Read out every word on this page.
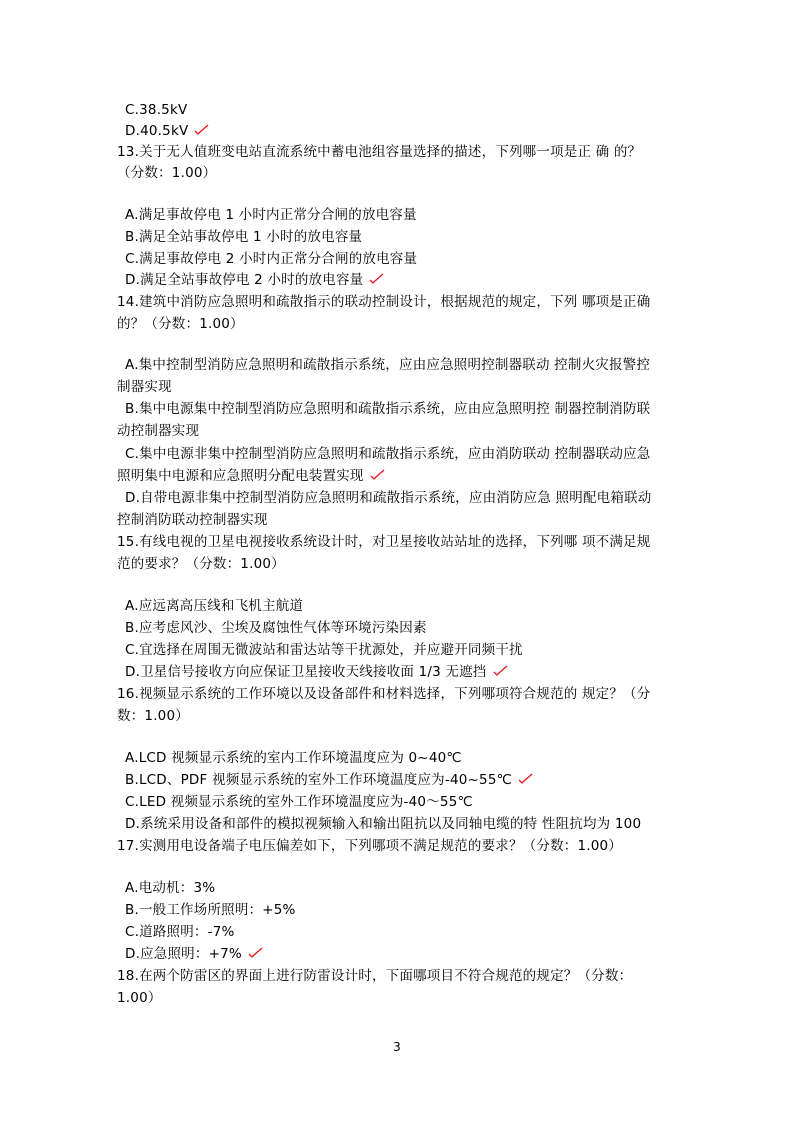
C.38.5kV
D.40.5kV
13.关于无人值班变电站直流系统中蓄电池组容量选择的描述，下列哪一项是正 确 的？
（分数：1.00）
A.满足事故停电 1 小时内正常分合闸的放电容量
B.满足全站事故停电 1 小时的放电容量
C.满足事故停电 2 小时内正常分合闸的放电容量
D.满足全站事故停电 2 小时的放电容量
14.建筑中消防应急照明和疏散指示的联动控制设计，根据规范的规定，下列 哪项是正确
的？（分数：1.00）
A.集中控制型消防应急照明和疏散指示系统，应由应急照明控制器联动 控制火灾报警控
制器实现
B.集中电源集中控制型消防应急照明和疏散指示系统，应由应急照明控 制器控制消防联
动控制器实现
C.集中电源非集中控制型消防应急照明和疏散指示系统，应由消防联动 控制器联动应急
照明集中电源和应急照明分配电装置实现
D.自带电源非集中控制型消防应急照明和疏散指示系统，应由消防应急 照明配电箱联动
控制消防联动控制器实现
15.有线电视的卫星电视接收系统设计时，对卫星接收站站址的选择，下列哪 项不满足规
范的要求？（分数：1.00）
A.应远离高压线和飞机主航道
B.应考虑风沙、尘埃及腐蚀性气体等环境污染因素
C.宜选择在周围无微波站和雷达站等干扰源处，并应避开同频干扰
D.卫星信号接收方向应保证卫星接收天线接收面 1/3 无遮挡
16.视频显示系统的工作环境以及设备部件和材料选择，下列哪项符合规范的 规定？（分
数：1.00）
A.LCD 视频显示系统的室内工作环境温度应为 0~40℃
B.LCD、PDF 视频显示系统的室外工作环境温度应为-40~55℃
C.LED 视频显示系统的室外工作环境温度应为-40～55℃
D.系统采用设备和部件的模拟视频输入和输出阻抗以及同轴电缆的特 性阻抗均为 100
17.实测用电设备端子电压偏差如下，下列哪项不满足规范的要求？（分数：1.00）
A.电动机：3%
B.一般工作场所照明：+5%
C.道路照明：-7%
D.应急照明：+7%
18.在两个防雷区的界面上进行防雷设计时，下面哪项目不符合规范的规定？（分数：
1.00）
3
